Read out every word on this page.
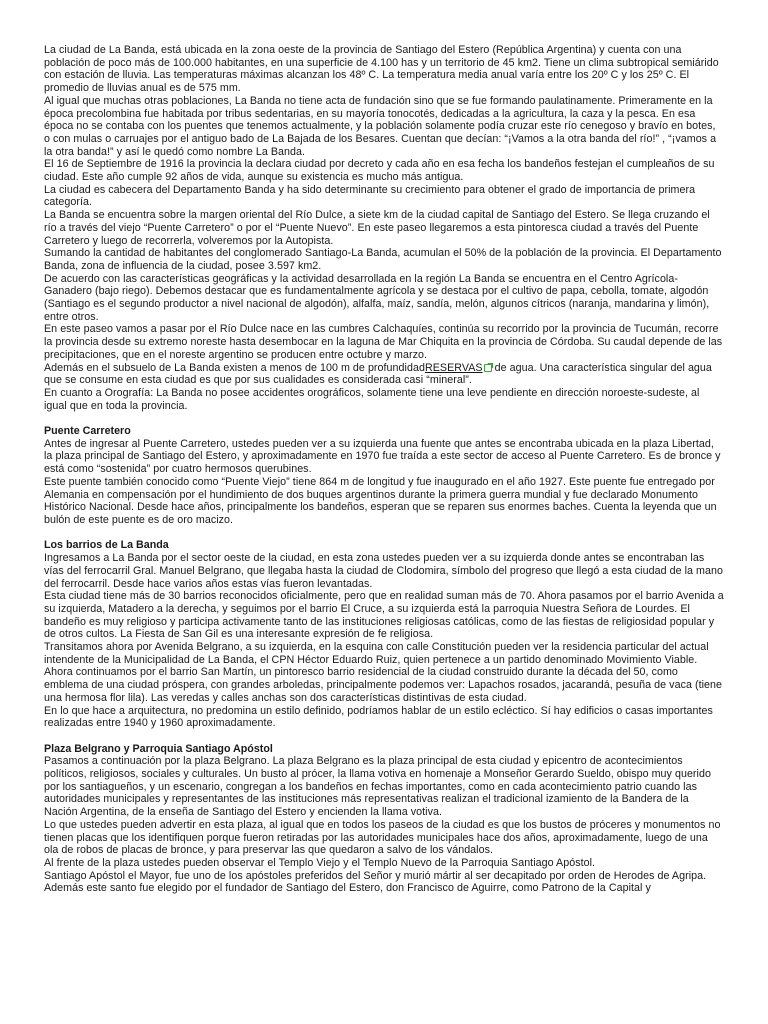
La ciudad de La Banda, está ubicada en la zona oeste de la provincia de Santiago del Estero (República Argentina) y cuenta con una población de poco más de 100.000 habitantes, en una superficie de 4.100 has y un territorio de 45 km2. Tiene un clima subtropical semiárido con estación de lluvia. Las temperaturas máximas alcanzan los 48º C. La temperatura media anual varía entre los 20º C y los 25º C. El promedio de lluvias anual es de 575 mm.

Al igual que muchas otras poblaciones, La Banda no tiene acta de fundación sino que se fue formando paulatinamente. Primeramente en la época precolombina fue habitada por tribus sedentarias, en su mayoría tonocotés, dedicadas a la agricultura, la caza y la pesca. En esa época no se contaba con los puentes que tenemos actualmente, y la población solamente podía cruzar este río cenegoso y bravío en botes, o con mulas o carruajes por el antiguo bado de La Bajada de los Besares. Cuentan que decían: “¡Vamos a la otra banda del río!” , “¡vamos a la otra banda!” y así le quedó como nombre La Banda.

El 16 de Septiembre de 1916 la provincia la declara ciudad por decreto y cada año en esa fecha los bandeños festejan el cumpleaños de su ciudad. Este año cumple 92 años de vida, aunque su existencia es mucho más antigua.

La ciudad es cabecera del Departamento Banda y ha sido determinante su crecimiento para obtener el grado de importancia de primera categoría.

La Banda se encuentra sobre la margen oriental del Río Dulce, a siete km de la ciudad capital de Santiago del Estero. Se llega cruzando el río a través del viejo “Puente Carretero” o por el “Puente Nuevo”. En este paseo llegaremos a esta pintoresca ciudad a través del Puente Carretero y luego de recorrerla, volveremos por la Autopista.

Sumando la cantidad de habitantes del conglomerado Santiago-La Banda, acumulan el 50% de la población de la provincia. El Departamento Banda, zona de influencia de la ciudad, posee 3.597 km2.

De acuerdo con las características geográficas y la actividad desarrollada en la región La Banda se encuentra en el Centro Agrícola-Ganadero (bajo riego). Debemos destacar que es fundamentalmente agrícola y se destaca por el cultivo de papa, cebolla, tomate, algodón (Santiago es el segundo productor a nivel nacional de algodón), alfalfa, maíz, sandía, melón, algunos cítricos (naranja, mandarina y limón), entre otros.

En este paseo vamos a pasar por el Río Dulce nace en las cumbres Calchaquíes, continúa su recorrido por la provincia de Tucumán, recorre la provincia desde su extremo noreste hasta desembocar en la laguna de Mar Chiquita en la provincia de Córdoba. Su caudal depende de las precipitaciones, que en el noreste argentino se producen entre octubre y marzo.

Además en el subsuelo de La Banda existen a menos de 100 m de profundidadRESERVAS de agua. Una característica singular del agua que se consume en esta ciudad es que por sus cualidades es considerada casi “mineral”.

En cuanto a Orografía: La Banda no posee accidentes orográficos, solamente tiene una leve pendiente en dirección noroeste-sudeste, al igual que en toda la provincia.

Puente Carretero

Antes de ingresar al Puente Carretero, ustedes pueden ver a su izquierda una fuente que antes se encontraba ubicada en la plaza Libertad, la plaza principal de Santiago del Estero, y aproximadamente en 1970 fue traída a este sector de acceso al Puente Carretero. Es de bronce y está como “sostenida” por cuatro hermosos querubines.

Este puente también conocido como “Puente Viejo” tiene 864 m de longitud y fue inaugurado en el año 1927. Este puente fue entregado por Alemania en compensación por el hundimiento de dos buques argentinos durante la primera guerra mundial y fue declarado Monumento Histórico Nacional. Desde hace años, principalmente los bandeños, esperan que se reparen sus enormes baches. Cuenta la leyenda que un bulón de este puente es de oro macizo.

Los barrios de La Banda

Ingresamos a La Banda por el sector oeste de la ciudad, en esta zona ustedes pueden ver a su izquierda donde antes se encontraban las vías del ferrocarril Gral. Manuel Belgrano, que llegaba hasta la ciudad de Clodomira, símbolo del progreso que llegó a esta ciudad de la mano del ferrocarril. Desde hace varios años estas vías fueron levantadas.

Esta ciudad tiene más de 30 barrios reconocidos oficialmente, pero que en realidad suman más de 70. Ahora pasamos por el barrio Avenida a su izquierda, Matadero a la derecha, y seguimos por el barrio El Cruce, a su izquierda está la parroquia Nuestra Señora de Lourdes. El bandeño es muy religioso y participa activamente tanto de las instituciones religiosas católicas, como de las fiestas de religiosidad popular y de otros cultos. La Fiesta de San Gil es una interesante expresión de fe religiosa.

Transitamos ahora por Avenida Belgrano, a su izquierda, en la esquina con calle Constitución pueden ver la residencia particular del actual intendente de la Municipalidad de La Banda, el CPN Héctor Eduardo Ruiz, quien pertenece a un partido denominado Movimiento Viable.

Ahora continuamos por el barrio San Martín, un pintoresco barrio residencial de la ciudad construido durante la década del 50, como emblema de una ciudad próspera, con grandes arboledas, principalmente podemos ver: Lapachos rosados, jacarandá, pesuña de vaca (tiene una hermosa flor lila). Las veredas y calles anchas son dos características distintivas de esta ciudad.

En lo que hace a arquitectura, no predomina un estilo definido, podríamos hablar de un estilo ecléctico. Sí hay edificios o casas importantes realizadas entre 1940 y 1960 aproximadamente.

Plaza Belgrano y Parroquia Santiago Apóstol

Pasamos a continuación por la plaza Belgrano. La plaza Belgrano es la plaza principal de esta ciudad y epicentro de acontecimientos políticos, religiosos, sociales y culturales. Un busto al prócer, la llama votiva en homenaje a Monseñor Gerardo Sueldo, obispo muy querido por los santiagueños, y un escenario, congregan a los bandeños en fechas importantes, como en cada acontecimiento patrio cuando las autoridades municipales y representantes de las instituciones más representativas realizan el tradicional izamiento de la Bandera de la Nación Argentina, de la enseña de Santiago del Estero y encienden la llama votiva.

Lo que ustedes pueden advertir en esta plaza, al igual que en todos los paseos de la ciudad es que los bustos de próceres y monumentos no tienen placas que los identifiquen porque fueron retiradas por las autoridades municipales hace dos años, aproximadamente, luego de una ola de robos de placas de bronce, y para preservar las que quedaron a salvo de los vándalos.

Al frente de la plaza ustedes pueden observar el Templo Viejo y el Templo Nuevo de la Parroquia Santiago Apóstol.

Santiago Apóstol el Mayor, fue uno de los apóstoles preferidos del Señor y murió mártir al ser decapitado por orden de Herodes de Agripa. Además este santo fue elegido por el fundador de Santiago del Estero, don Francisco de Aguirre, como Patrono de la Capital y
